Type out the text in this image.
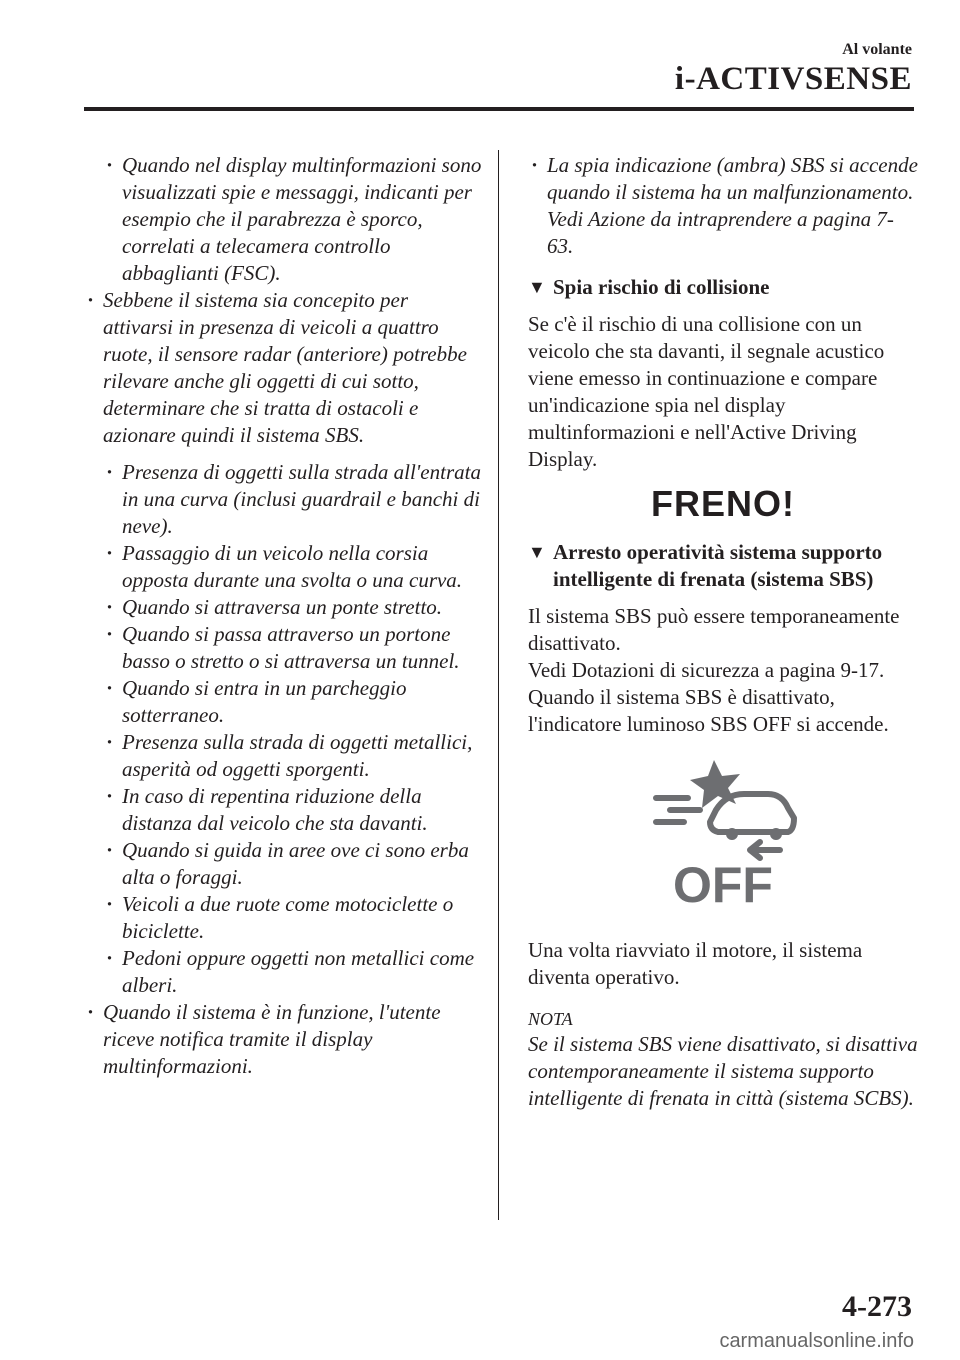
Al volante
i-ACTIVSENSE
· Quando nel display multinformazioni sono visualizzati spie e messaggi, indicanti per esempio che il parabrezza è sporco, correlati a telecamera controllo abbaglianti (FSC).
· Sebbene il sistema sia concepito per attivarsi in presenza di veicoli a quattro ruote, il sensore radar (anteriore) potrebbe rilevare anche gli oggetti di cui sotto, determinare che si tratta di ostacoli e azionare quindi il sistema SBS.
· Presenza di oggetti sulla strada all'entrata in una curva (inclusi guardrail e banchi di neve).
· Passaggio di un veicolo nella corsia opposta durante una svolta o una curva.
· Quando si attraversa un ponte stretto.
· Quando si passa attraverso un portone basso o stretto o si attraversa un tunnel.
· Quando si entra in un parcheggio sotterraneo.
· Presenza sulla strada di oggetti metallici, asperità od oggetti sporgenti.
· In caso di repentina riduzione della distanza dal veicolo che sta davanti.
· Quando si guida in aree ove ci sono erba alta o foraggi.
· Veicoli a due ruote come motociclette o biciclette.
· Pedoni oppure oggetti non metallici come alberi.
· Quando il sistema è in funzione, l'utente riceve notifica tramite il display multinformazioni.
· La spia indicazione (ambra) SBS si accende quando il sistema ha un malfunzionamento.
Vedi Azione da intraprendere a pagina 7-63.
▼ Spia rischio di collisione

Se c'è il rischio di una collisione con un veicolo che sta davanti, il segnale acustico viene emesso in continuazione e compare un'indicazione spia nel display multinformazioni e nell'Active Driving Display.

FRENO!
▼ Arresto operatività sistema supporto intelligente di frenata (sistema SBS)

Il sistema SBS può essere temporaneamente disattivato.

Vedi Dotazioni di sicurezza a pagina 9-17.

Quando il sistema SBS è disattivato, l'indicatore luminoso SBS OFF si accende.

OFF

Una volta riavviato il motore, il sistema diventa operativo.

NOTA

Se il sistema SBS viene disattivato, si disattiva contemporaneamente il sistema supporto intelligente di frenata in città (sistema SCBS).

4-273
carmanualsonline.info
